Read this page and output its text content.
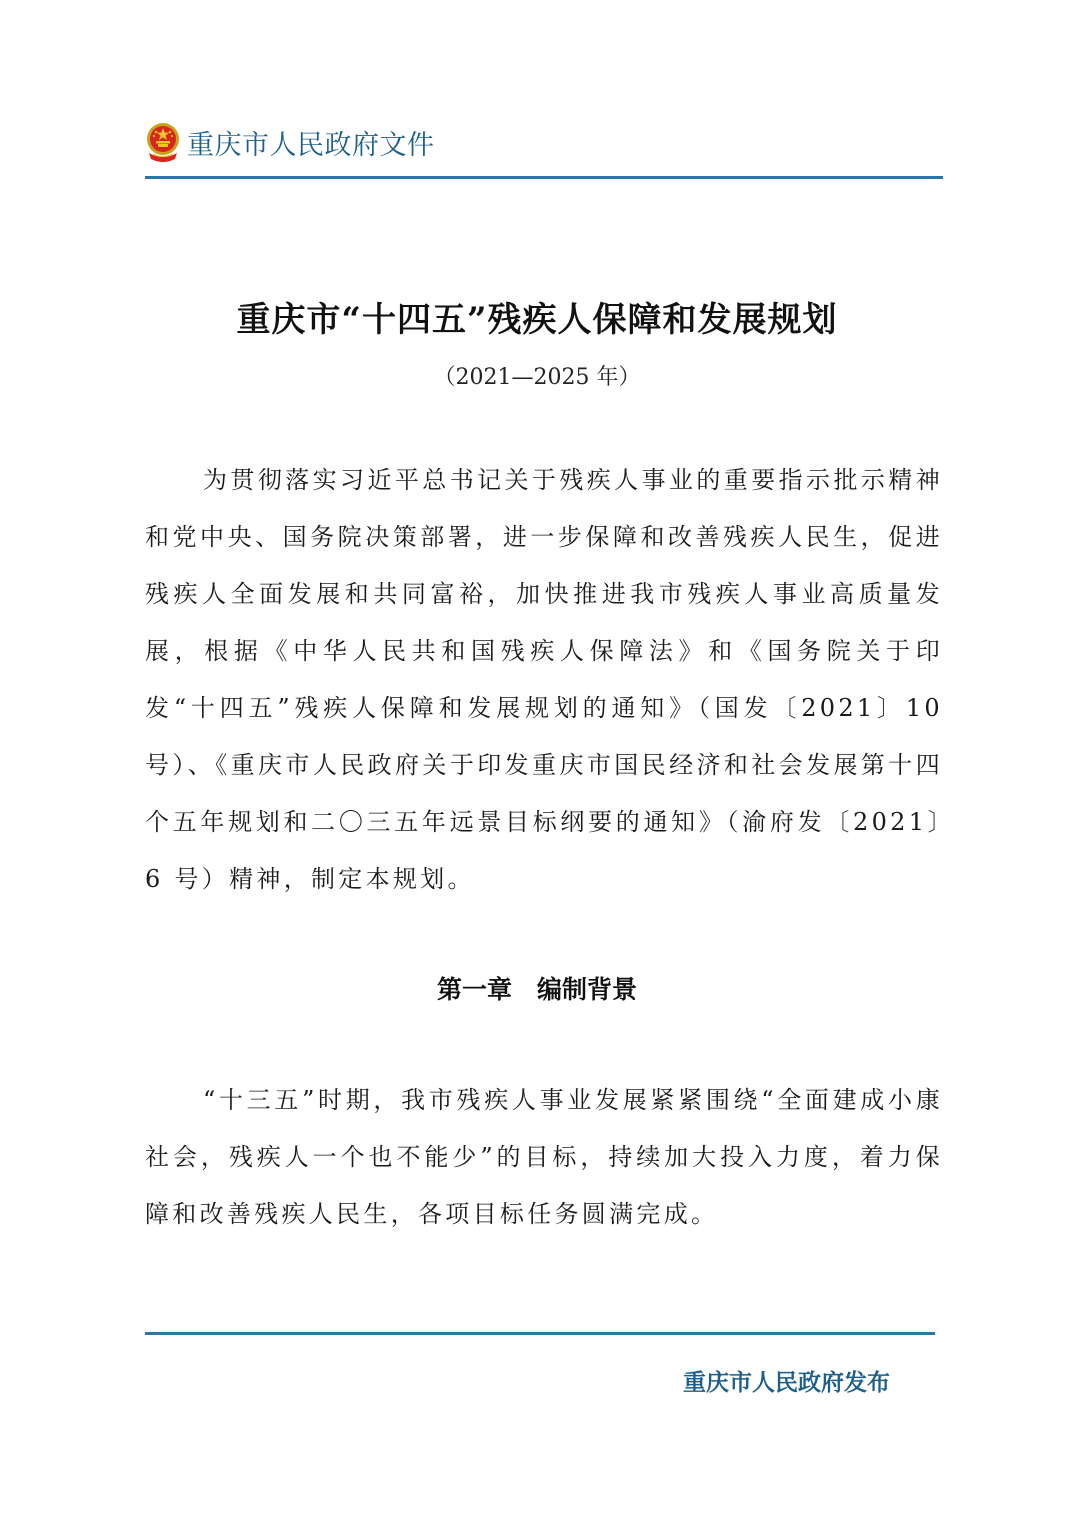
重庆市人民政府文件
重庆市“十四五”残疾人保障和发展规划
（2021—2025 年）

为贯彻落实习近平总书记关于残疾人事业的重要指示批示精神和党中央、国务院决策部署，进一步保障和改善残疾人民生，促进残疾人全面发展和共同富裕，加快推进我市残疾人事业高质量发展，根据《中华人民共和国残疾人保障法》和《国务院关于印发“十四五”残疾人保障和发展规划的通知》（国发〔2021〕10 号）、《重庆市人民政府关于印发重庆市国民经济和社会发展第十四个五年规划和二〇三五年远景目标纲要的通知》（渝府发〔2021〕6 号）精神，制定本规划。

第一章　编制背景

“十三五”时期，我市残疾人事业发展紧紧围绕“全面建成小康社会，残疾人一个也不能少”的目标，持续加大投入力度，着力保障和改善残疾人民生，各项目标任务圆满完成。

重庆市人民政府发布
